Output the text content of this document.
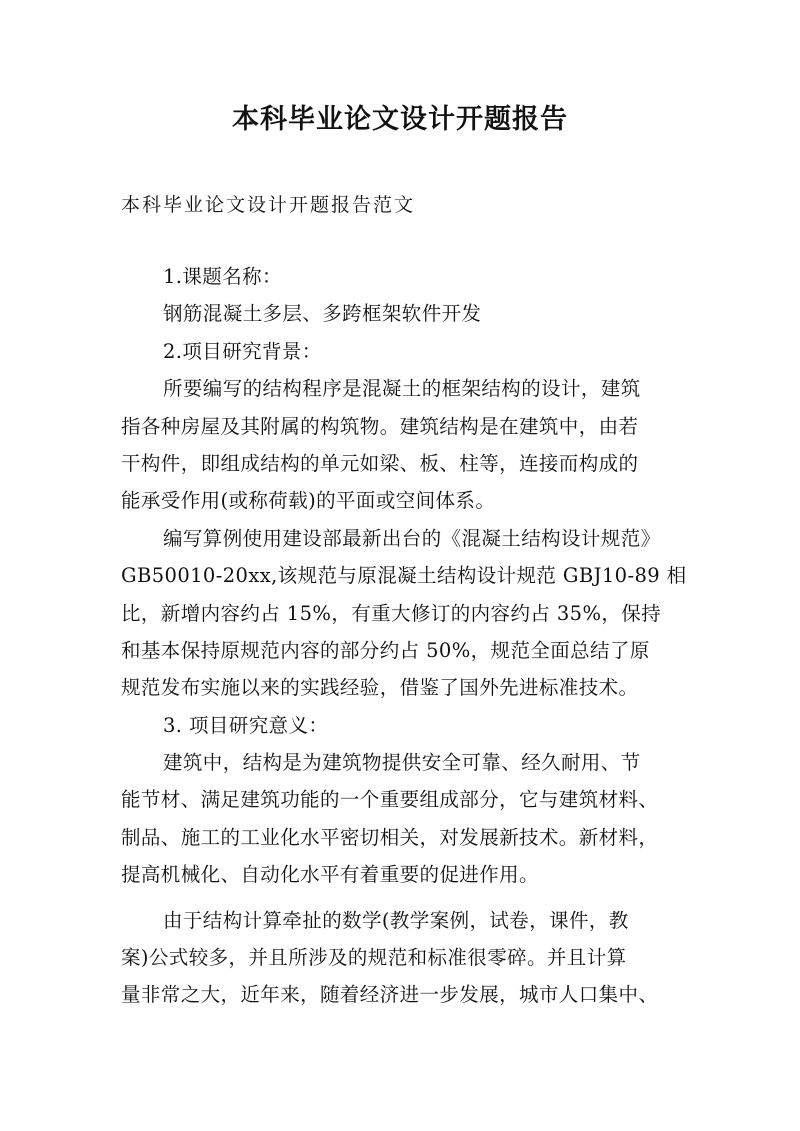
本科毕业论文设计开题报告
本科毕业论文设计开题报告范文
1.课题名称：
钢筋混凝土多层、多跨框架软件开发
2.项目研究背景：
所要编写的结构程序是混凝土的框架结构的设计，建筑
指各种房屋及其附属的构筑物。建筑结构是在建筑中，由若
干构件，即组成结构的单元如梁、板、柱等，连接而构成的
能承受作用(或称荷载)的平面或空间体系。
编写算例使用建设部最新出台的《混凝土结构设计规范》
GB50010-20xx,该规范与原混凝土结构设计规范 GBJ10-89 相
比，新增内容约占 15%，有重大修订的内容约占 35%，保持
和基本保持原规范内容的部分约占 50%，规范全面总结了原
规范发布实施以来的实践经验，借鉴了国外先进标准技术。
3. 项目研究意义：
建筑中，结构是为建筑物提供安全可靠、经久耐用、节
能节材、满足建筑功能的一个重要组成部分，它与建筑材料、
制品、施工的工业化水平密切相关，对发展新技术。新材料，
提高机械化、自动化水平有着重要的促进作用。
由于结构计算牵扯的数学(教学案例，试卷，课件，教
案)公式较多，并且所涉及的规范和标准很零碎。并且计算
量非常之大，近年来，随着经济进一步发展，城市人口集中、
